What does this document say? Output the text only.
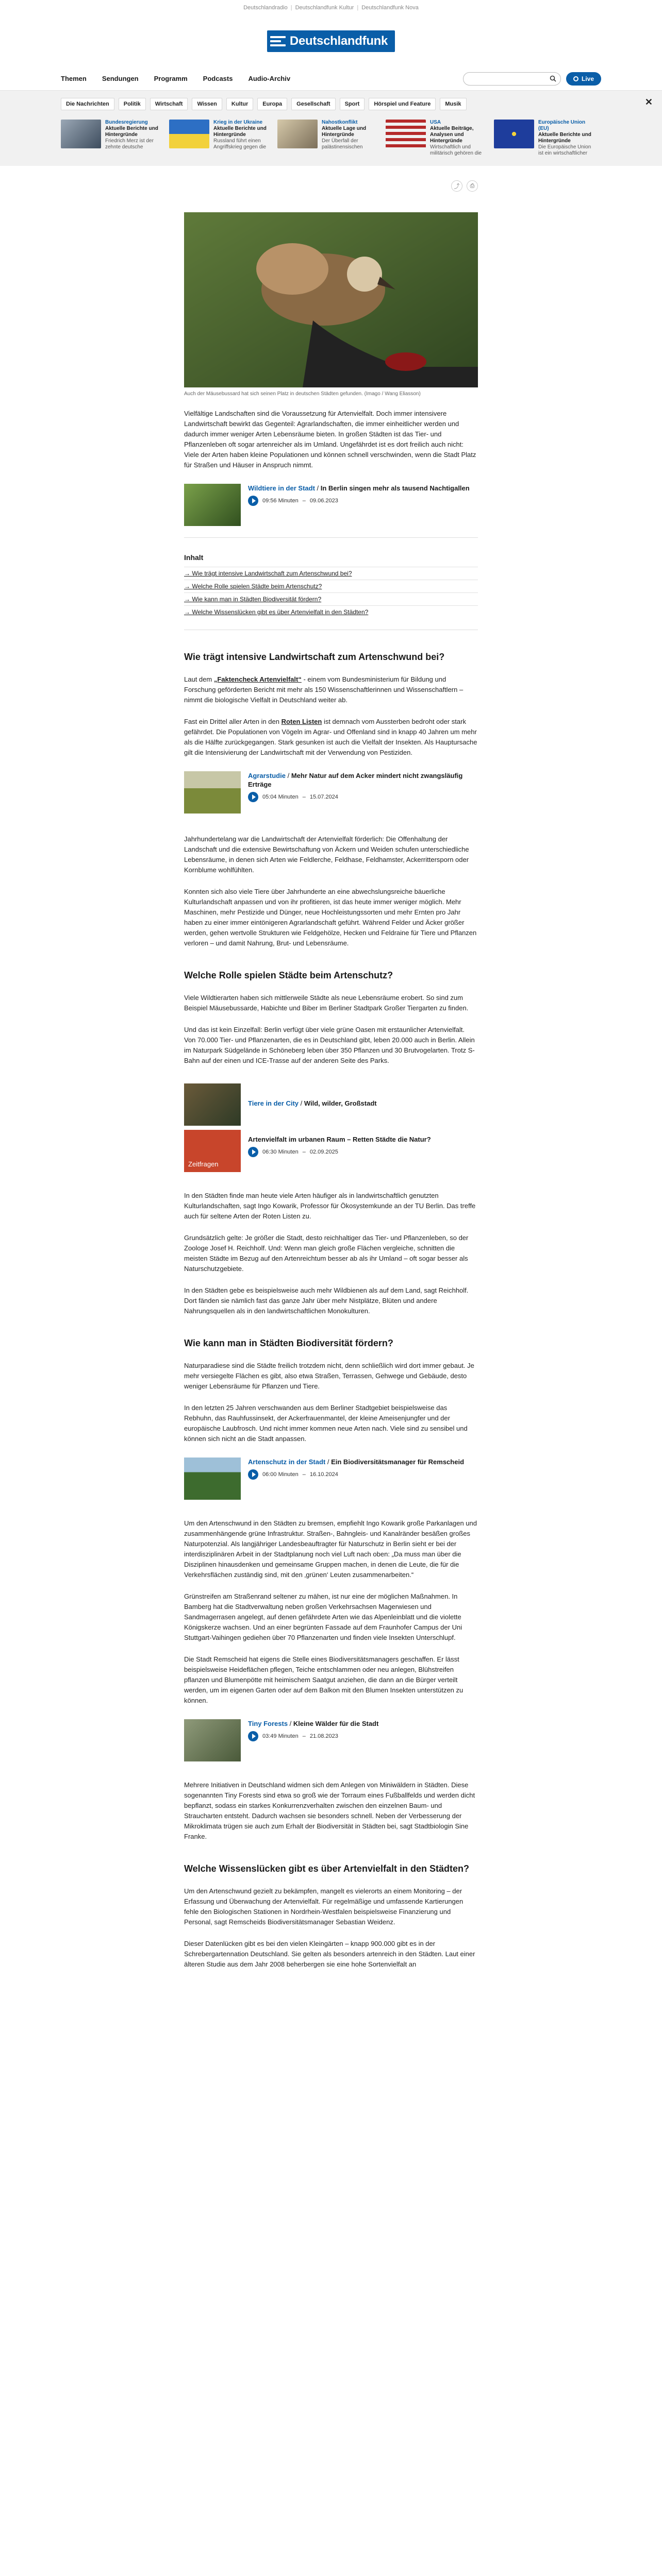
Deutschlandradio | Deutschlandfunk Kultur | Deutschlandfunk Nova
Deutschlandfunk
Themen Sendungen Programm Podcasts Audio-Archiv	Live
✕
Die Nachrichten	Politik	Wirtschaft	Wissen	Kultur	Europa	Gesellschaft	Sport	Hörspiel und Feature	Musik
Bundesregierung
Aktuelle Berichte und Hintergründe
Friedrich Merz ist der zehnte deutsche
Krieg in der Ukraine
Aktuelle Berichte und Hintergründe
Russland führt einen Angriffskrieg gegen die
Nahostkonflikt
Aktuelle Lage und Hintergründe
Der Überfall der palästinensischen
USA
Aktuelle Beiträge, Analysen und Hintergründe
Wirtschaftlich und militärisch gehören die
Europäische Union (EU)
Aktuelle Berichte und Hintergründe
Die Europäische Union ist ein wirtschaftlicher
⤴	⎙
Auch der Mäusebussard hat sich seinen Platz in deutschen Städten gefunden. (Imago / Wang Eliasson)

Vielfältige Landschaften sind die Voraussetzung für Artenvielfalt. Doch immer intensivere Landwirtschaft bewirkt das Gegenteil: Agrarlandschaften, die immer einheitlicher werden und dadurch immer weniger Arten Lebensräume bieten. In großen Städten ist das Tier- und Pflanzenleben oft sogar artenreicher als im Umland. Ungefährdet ist es dort freilich auch nicht: Viele der Arten haben kleine Populationen und können schnell verschwinden, wenn die Stadt Platz für Straßen und Häuser in Anspruch nimmt.

Wildtiere in der Stadt / In Berlin singen mehr als tausend Nachtigallen
09:56 Minuten – 09.06.2023
Inhalt
→ Wie trägt intensive Landwirtschaft zum Artenschwund bei?
→ Welche Rolle spielen Städte beim Artenschutz?
→ Wie kann man in Städten Biodiversität fördern?
→ Welche Wissenslücken gibt es über Artenvielfalt in den Städten?
Wie trägt intensive Landwirtschaft zum Artenschwund bei?

Laut dem „Faktencheck Artenvielfalt“ - einem vom Bundesministerium für Bildung und Forschung geförderten Bericht mit mehr als 150 Wissenschaftlerinnen und Wissenschaftlern – nimmt die biologische Vielfalt in Deutschland weiter ab.

Fast ein Drittel aller Arten in den Roten Listen ist demnach vom Aussterben bedroht oder stark gefährdet. Die Populationen von Vögeln im Agrar- und Offenland sind in knapp 40 Jahren um mehr als die Hälfte zurückgegangen. Stark gesunken ist auch die Vielfalt der Insekten. Als Hauptursache gilt die Intensivierung der Landwirtschaft mit der Verwendung von Pestiziden.

Agrarstudie / Mehr Natur auf dem Acker mindert nicht zwangsläufig Erträge
05:04 Minuten – 15.07.2024

Jahrhundertelang war die Landwirtschaft der Artenvielfalt förderlich: Die Offenhaltung der Landschaft und die extensive Bewirtschaftung von Äckern und Weiden schufen unterschiedliche Lebensräume, in denen sich Arten wie Feldlerche, Feldhase, Feldhamster, Ackerrittersporn oder Kornblume wohlfühlten.

Konnten sich also viele Tiere über Jahrhunderte an eine abwechslungsreiche bäuerliche Kulturlandschaft anpassen und von ihr profitieren, ist das heute immer weniger möglich. Mehr Maschinen, mehr Pestizide und Dünger, neue Hochleistungssorten und mehr Ernten pro Jahr haben zu einer immer eintönigeren Agrarlandschaft geführt. Während Felder und Äcker größer werden, gehen wertvolle Strukturen wie Feldgehölze, Hecken und Feldraine für Tiere und Pflanzen verloren – und damit Nahrung, Brut- und Lebensräume.

Welche Rolle spielen Städte beim Artenschutz?

Viele Wildtierarten haben sich mittlerweile Städte als neue Lebensräume erobert. So sind zum Beispiel Mäusebussarde, Habichte und Biber im Berliner Stadtpark Großer Tiergarten zu finden.

Und das ist kein Einzelfall: Berlin verfügt über viele grüne Oasen mit erstaunlicher Artenvielfalt. Von 70.000 Tier- und Pflanzenarten, die es in Deutschland gibt, leben 20.000 auch in Berlin. Allein im Naturpark Südgelände in Schöneberg leben über 350 Pflanzen und 30 Brutvogelarten. Trotz S-Bahn auf der einen und ICE-Trasse auf der anderen Seite des Parks.

Tiere in der City / Wild, wilder, Großstadt
Zeitfragen
Artenvielfalt im urbanen Raum – Retten Städte die Natur?
06:30 Minuten – 02.09.2025

In den Städten finde man heute viele Arten häufiger als in landwirtschaftlich genutzten Kulturlandschaften, sagt Ingo Kowarik, Professor für Ökosystemkunde an der TU Berlin. Das treffe auch für seltene Arten der Roten Listen zu.

Grundsätzlich gelte: Je größer die Stadt, desto reichhaltiger das Tier- und Pflanzenleben, so der Zoologe Josef H. Reichholf. Und: Wenn man gleich große Flächen vergleiche, schnitten die meisten Städte im Bezug auf den Artenreichtum besser ab als ihr Umland – oft sogar besser als Naturschutzgebiete.

In den Städten gebe es beispielsweise auch mehr Wildbienen als auf dem Land, sagt Reichholf. Dort fänden sie nämlich fast das ganze Jahr über mehr Nistplätze, Blüten und andere Nahrungsquellen als in den landwirtschaftlichen Monokulturen.

Wie kann man in Städten Biodiversität fördern?

Naturparadiese sind die Städte freilich trotzdem nicht, denn schließlich wird dort immer gebaut. Je mehr versiegelte Flächen es gibt, also etwa Straßen, Terrassen, Gehwege und Gebäude, desto weniger Lebensräume für Pflanzen und Tiere.

In den letzten 25 Jahren verschwanden aus dem Berliner Stadtgebiet beispielsweise das Rebhuhn, das Rauhfussinsekt, der Ackerfrauenmantel, der kleine Ameisenjungfer und der europäische Laubfrosch. Und nicht immer kommen neue Arten nach. Viele sind zu sensibel und können sich nicht an die Stadt anpassen.

Artenschutz in der Stadt / Ein Biodiversitätsmanager für Remscheid
06:00 Minuten – 16.10.2024

Um den Artenschwund in den Städten zu bremsen, empfiehlt Ingo Kowarik große Parkanlagen und zusammenhängende grüne Infrastruktur. Straßen-, Bahngleis- und Kanalränder besäßen großes Naturpotenzial. Als langjähriger Landesbeauftragter für Naturschutz in Berlin sieht er bei der interdisziplinären Arbeit in der Stadtplanung noch viel Luft nach oben: „Da muss man über die Disziplinen hinausdenken und gemeinsame Gruppen machen, in denen die Leute, die für die Verkehrsflächen zuständig sind, mit den ‚grünen‘ Leuten zusammenarbeiten.“

Grünstreifen am Straßenrand seltener zu mähen, ist nur eine der möglichen Maßnahmen. In Bamberg hat die Stadtverwaltung neben großen Verkehrsachsen Magerwiesen und Sandmagerrasen angelegt, auf denen gefährdete Arten wie das Alpenleinblatt und die violette Königskerze wachsen. Und an einer begrünten Fassade auf dem Fraunhofer Campus der Uni Stuttgart-Vaihingen gediehen über 70 Pflanzenarten und finden viele Insekten Unterschlupf.

Die Stadt Remscheid hat eigens die Stelle eines Biodiversitätsmanagers geschaffen. Er lässt beispielsweise Heideflächen pflegen, Teiche entschlammen oder neu anlegen, Blühstreifen pflanzen und Blumenpötte mit heimischem Saatgut anziehen, die dann an die Bürger verteilt werden, um im eigenen Garten oder auf dem Balkon mit den Blumen Insekten unterstützen zu können.

Tiny Forests / Kleine Wälder für die Stadt
03:49 Minuten – 21.08.2023

Mehrere Initiativen in Deutschland widmen sich dem Anlegen von Miniwäldern in Städten. Diese sogenannten Tiny Forests sind etwa so groß wie der Torraum eines Fußballfelds und werden dicht bepflanzt, sodass ein starkes Konkurrenzverhalten zwischen den einzelnen Baum- und Straucharten entsteht. Dadurch wachsen sie besonders schnell. Neben der Verbesserung der Mikroklimata trügen sie auch zum Erhalt der Biodiversität in Städten bei, sagt Stadtbiologin Sine Franke.

Welche Wissenslücken gibt es über Artenvielfalt in den Städten?

Um den Artenschwund gezielt zu bekämpfen, mangelt es vielerorts an einem Monitoring – der Erfassung und Überwachung der Artenvielfalt. Für regelmäßige und umfassende Kartierungen fehle den Biologischen Stationen in Nordrhein-Westfalen beispielsweise Finanzierung und Personal, sagt Remscheids Biodiversitätsmanager Sebastian Weidenz.

Dieser Datenlücken gibt es bei den vielen Kleingärten – knapp 900.000 gibt es in der Schrebergartennation Deutschland. Sie gelten als besonders artenreich in den Städten. Laut einer älteren Studie aus dem Jahr 2008 beherbergen sie eine hohe Sortenvielfalt an
